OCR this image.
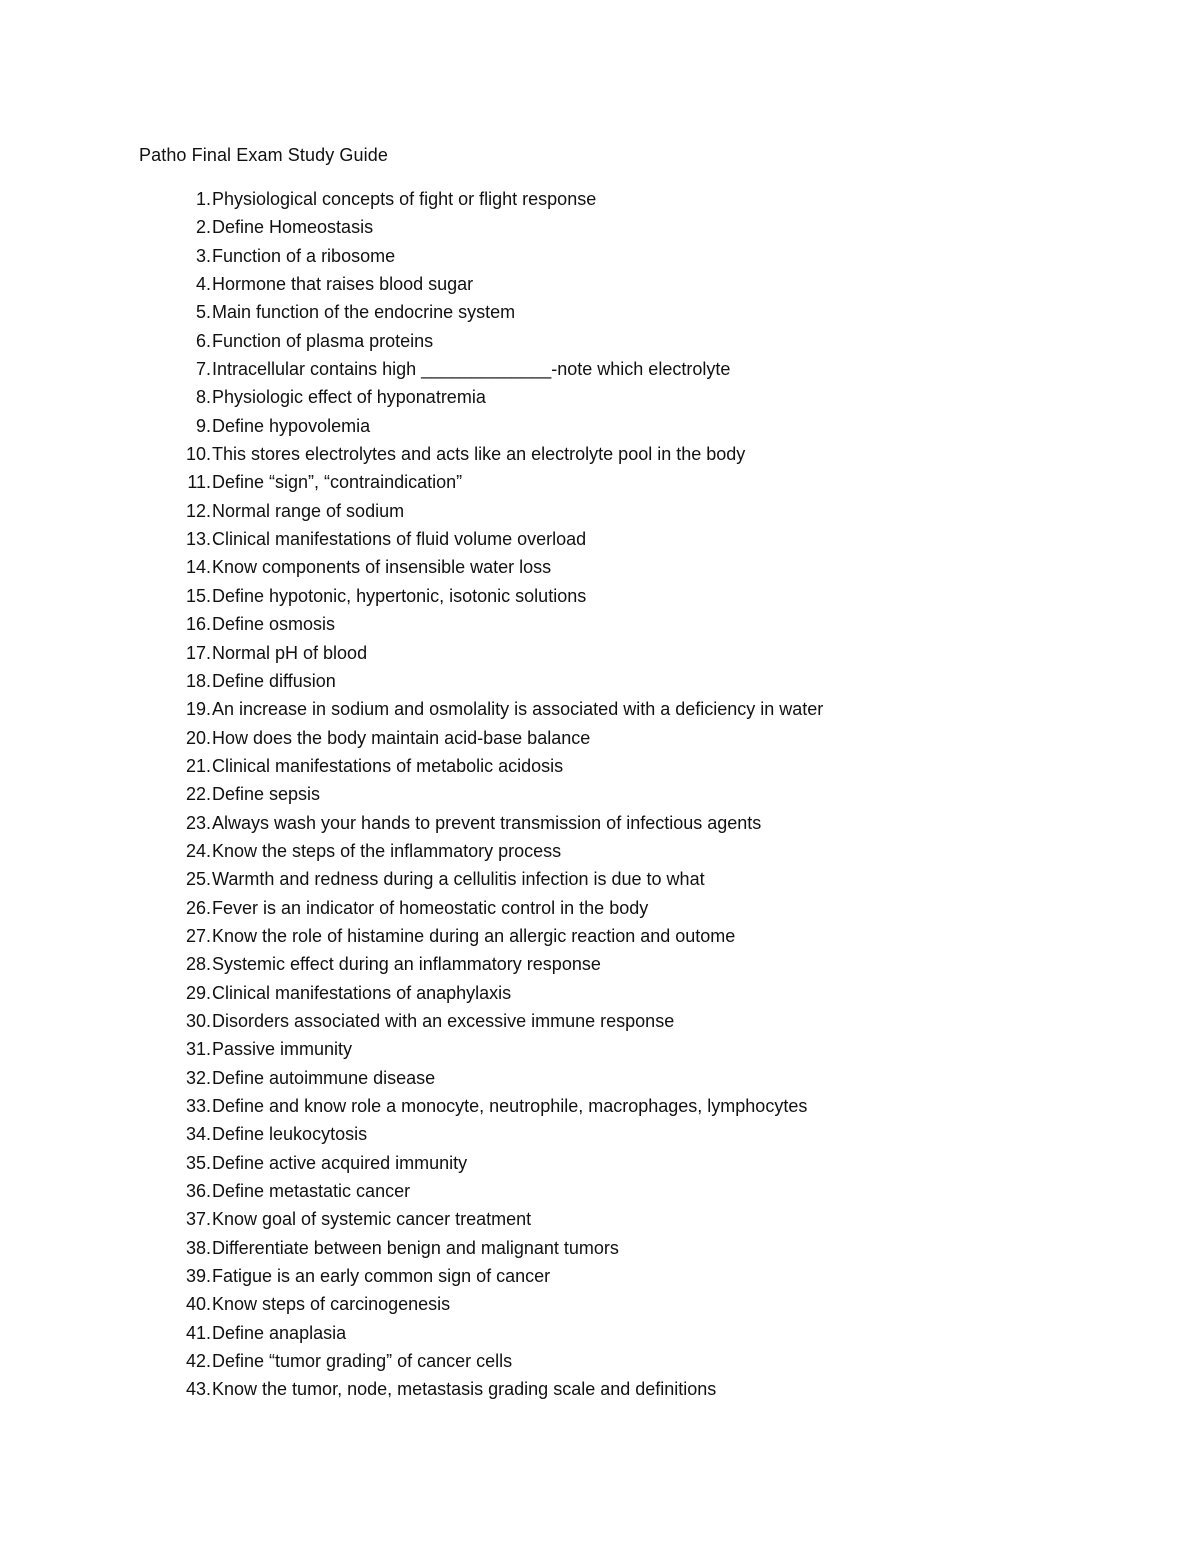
Patho Final Exam Study Guide
1. Physiological concepts of fight or flight response
2. Define Homeostasis
3. Function of a ribosome
4. Hormone that raises blood sugar
5. Main function of the endocrine system
6. Function of plasma proteins
7. Intracellular contains high _____________-note which electrolyte
8. Physiologic effect of hyponatremia
9. Define hypovolemia
10. This stores electrolytes and acts like an electrolyte pool in the body
11. Define “sign”, “contraindication”
12. Normal range of sodium
13. Clinical manifestations of fluid volume overload
14. Know components of insensible water loss
15. Define hypotonic, hypertonic, isotonic solutions
16. Define osmosis
17. Normal pH of blood
18. Define diffusion
19. An increase in sodium and osmolality is associated with a deficiency in water
20. How does the body maintain acid-base balance
21. Clinical manifestations of metabolic acidosis
22. Define sepsis
23. Always wash your hands to prevent transmission of infectious agents
24. Know the steps of the inflammatory process
25. Warmth and redness during a cellulitis infection is due to what
26. Fever is an indicator of homeostatic control in the body
27. Know the role of histamine during an allergic reaction and outome
28. Systemic effect during an inflammatory response
29. Clinical manifestations of anaphylaxis
30. Disorders associated with an excessive immune response
31. Passive immunity
32. Define autoimmune disease
33. Define and know role a monocyte, neutrophile, macrophages, lymphocytes
34. Define leukocytosis
35. Define active acquired immunity
36. Define metastatic cancer
37. Know goal of systemic cancer treatment
38. Differentiate between benign and malignant tumors
39. Fatigue is an early common sign of cancer
40. Know steps of carcinogenesis
41. Define anaplasia
42. Define “tumor grading” of cancer cells
43. Know the tumor, node, metastasis grading scale and definitions
